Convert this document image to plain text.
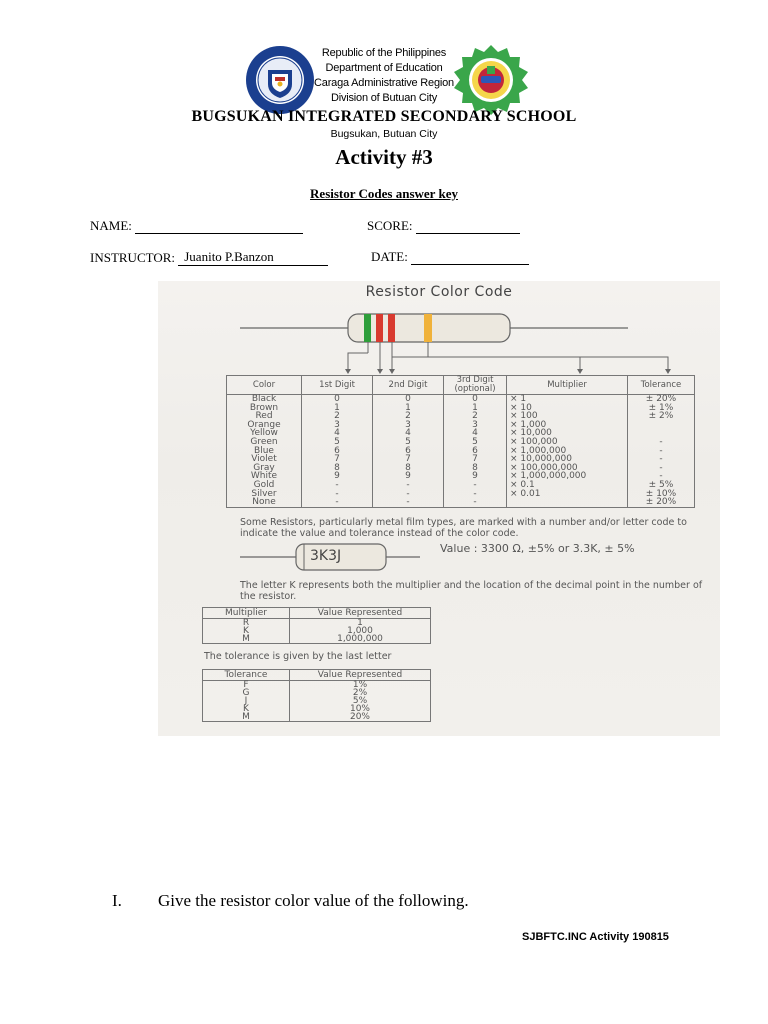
Republic of the Philippines
Department of Education
Caraga Administrative Region
Division of Butuan City
BUGSUKAN INTEGRATED SECONDARY SCHOOL
Bugsukan, Butuan City
Activity #3
Resistor Codes answer key
NAME:	SCORE:
INSTRUCTOR: Juanito P.Banzon	DATE:
Resistor Color Code
Color	1st Digit	2nd Digit	3rd Digit (optional)	Multiplier	Tolerance
Black	0	0	0	× 1	± 20%
Brown	1	1	1	× 10	± 1%
Red	2	2	2	× 100	± 2%
Orange	3	3	3	× 1,000	
Yellow	4	4	4	× 10,000	
Green	5	5	5	× 100,000	-
Blue	6	6	6	× 1,000,000	-
Violet	7	7	7	× 10,000,000	-
Gray	8	8	8	× 100,000,000	-
White	9	9	9	× 1,000,000,000	-
Gold	-	-	-	× 0.1	± 5%
Silver	-	-	-	× 0.01	± 10%
None	-	-	-		± 20%
Some Resistors, particularly metal film types, are marked with a number and/or letter code to indicate the value and tolerance instead of the color code.
3K3J	Value : 3300 Ω, ±5% or 3.3K, ± 5%
The letter K represents both the multiplier and the location of the decimal point in the number of the resistor.
Multiplier	Value Represented
R	1
K	1,000
M	1,000,000
The tolerance is given by the last letter
Tolerance	Value Represented
F	1%
G	2%
J	5%
K	10%
M	20%
I. Give the resistor color value of the following.
SJBFTC.INC Activity 190815
